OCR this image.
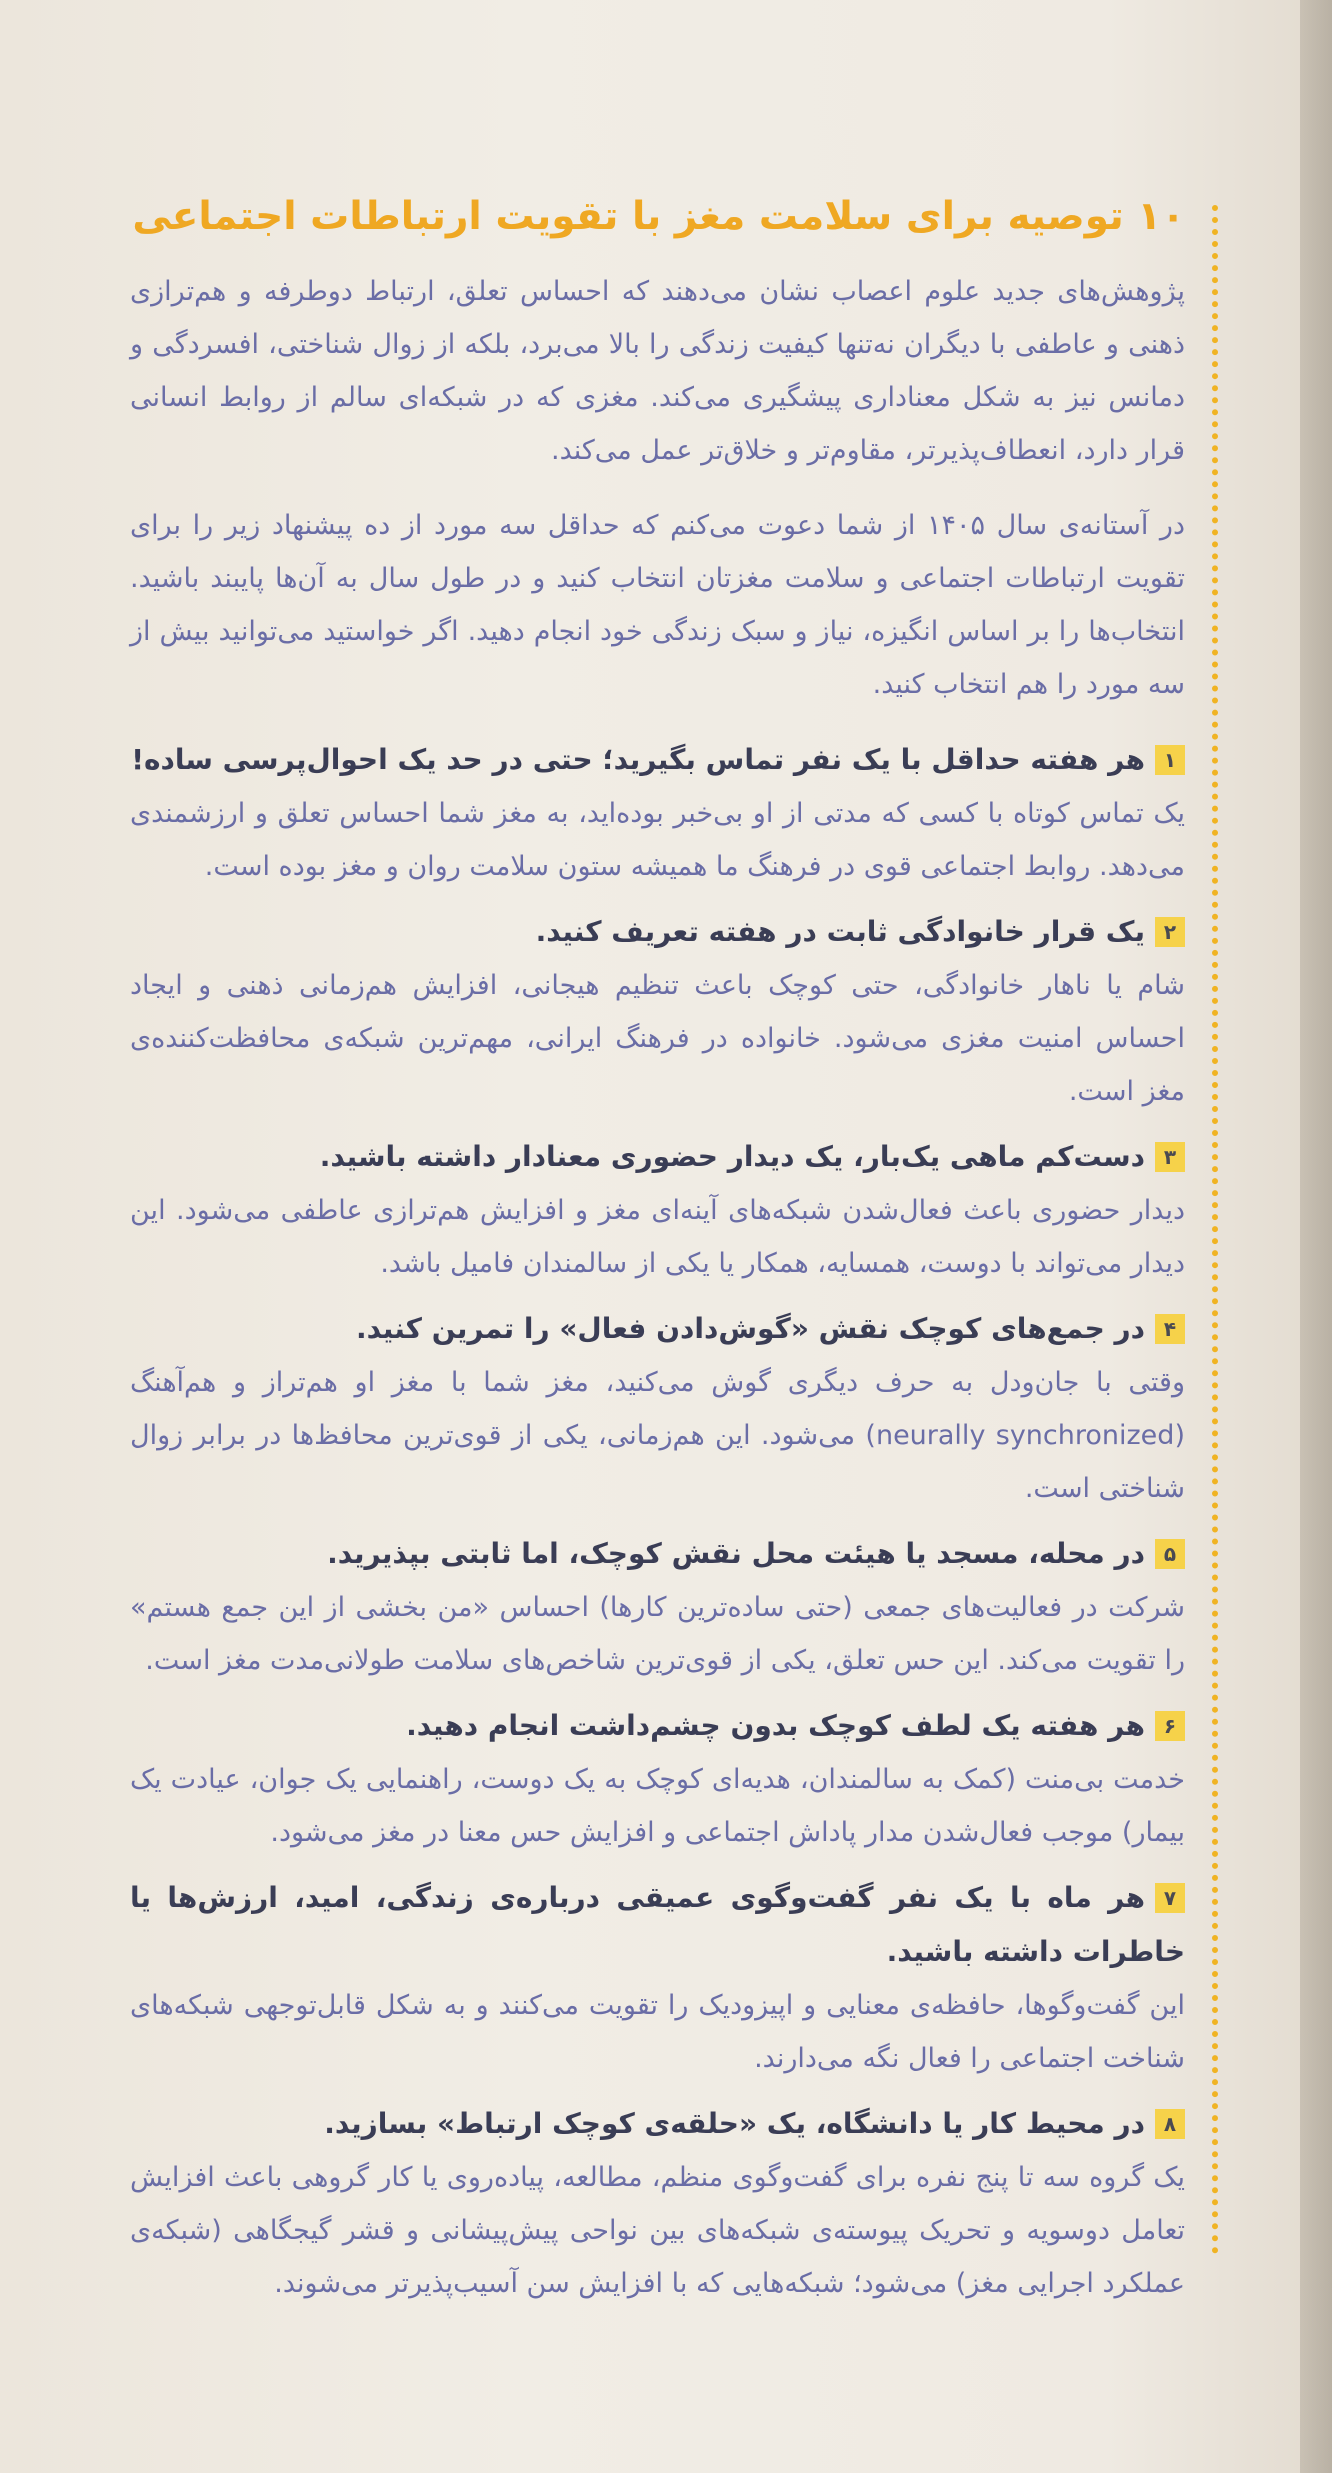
۱۰ توصیه برای سلامت مغز با تقویت ارتباطات اجتماعی

پژوهش‌های جدید علوم اعصاب نشان می‌دهند که احساس تعلق، ارتباط دوطرفه و هم‌ترازی ذهنی و عاطفی با دیگران نه‌تنها کیفیت زندگی را بالا می‌برد، بلکه از زوال شناختی، افسردگی و دمانس نیز به شکل معناداری پیشگیری می‌کند. مغزی که در شبکه‌ای سالم از روابط انسانی قرار دارد، انعطاف‌پذیرتر، مقاوم‌تر و خلاق‌تر عمل می‌کند.

در آستانه‌ی سال ۱۴۰۵ از شما دعوت می‌کنم که حداقل سه مورد از ده پیشنهاد زیر را برای تقویت ارتباطات اجتماعی و سلامت مغزتان انتخاب کنید و در طول سال به آن‌ها پایبند باشید. انتخاب‌ها را بر اساس انگیزه، نیاز و سبک زندگی خود انجام دهید. اگر خواستید می‌توانید بیش از سه مورد را هم انتخاب کنید.

۱هر هفته حداقل با یک نفر تماس بگیرید؛ حتی در حد یک احوال‌پرسی ساده!

یک تماس کوتاه با کسی که مدتی از او بی‌خبر بوده‌اید، به مغز شما احساس تعلق و ارزشمندی می‌دهد. روابط اجتماعی قوی در فرهنگ ما همیشه ستون سلامت روان و مغز بوده است.

۲یک قرار خانوادگی ثابت در هفته تعریف کنید.

شام یا ناهار خانوادگی، حتی کوچک باعث تنظیم هیجانی، افزایش هم‌زمانی ذهنی و ایجاد احساس امنیت مغزی می‌شود. خانواده در فرهنگ ایرانی، مهم‌ترین شبکه‌ی محافظت‌کننده‌ی مغز است.

۳دست‌کم ماهی یک‌بار، یک دیدار حضوری معنادار داشته باشید.

دیدار حضوری باعث فعال‌شدن شبکه‌های آینه‌ای مغز و افزایش هم‌ترازی عاطفی می‌شود. این دیدار می‌تواند با دوست، همسایه، همکار یا یکی از سالمندان فامیل باشد.

۴در جمع‌های کوچک نقش «گوش‌دادن فعال» را تمرین کنید.

وقتی با جان‌ودل به حرف دیگری گوش می‌کنید، مغز شما با مغز او هم‌تراز و هم‌آهنگ (neurally synchronized) می‌شود. این هم‌زمانی، یکی از قوی‌ترین محافظ‌ها در برابر زوال شناختی است.

۵در محله، مسجد یا هیئت محل نقش کوچک، اما ثابتی بپذیرید.

شرکت در فعالیت‌های جمعی (حتی ساده‌ترین کارها) احساس «من بخشی از این جمع هستم» را تقویت می‌کند. این حس تعلق، یکی از قوی‌ترین شاخص‌های سلامت طولانی‌مدت مغز است.

۶هر هفته یک لطف کوچک بدون چشم‌داشت انجام دهید.

خدمت بی‌منت (کمک به سالمندان، هدیه‌ای کوچک به یک دوست، راهنمایی یک جوان، عیادت یک بیمار) موجب فعال‌شدن مدار پاداش اجتماعی و افزایش حس معنا در مغز می‌شود.

۷هر ماه با یک نفر گفت‌وگوی عمیقی درباره‌ی زندگی، امید، ارزش‌ها یا خاطرات داشته باشید.

این گفت‌وگوها، حافظه‌ی معنایی و اپیزودیک را تقویت می‌کنند و به شکل قابل‌توجهی شبکه‌های شناخت اجتماعی را فعال نگه می‌دارند.

۸در محیط کار یا دانشگاه، یک «حلقه‌ی کوچک ارتباط» بسازید.

یک گروه سه تا پنج نفره برای گفت‌وگوی منظم، مطالعه، پیاده‌روی یا کار گروهی باعث افزایش تعامل دوسویه و تحریک پیوسته‌ی شبکه‌های بین نواحی پیش‌پیشانی و قشر گیجگاهی (شبکه‌ی عملکرد اجرایی مغز) می‌شود؛ شبکه‌هایی که با افزایش سن آسیب‌پذیرتر می‌شوند.
